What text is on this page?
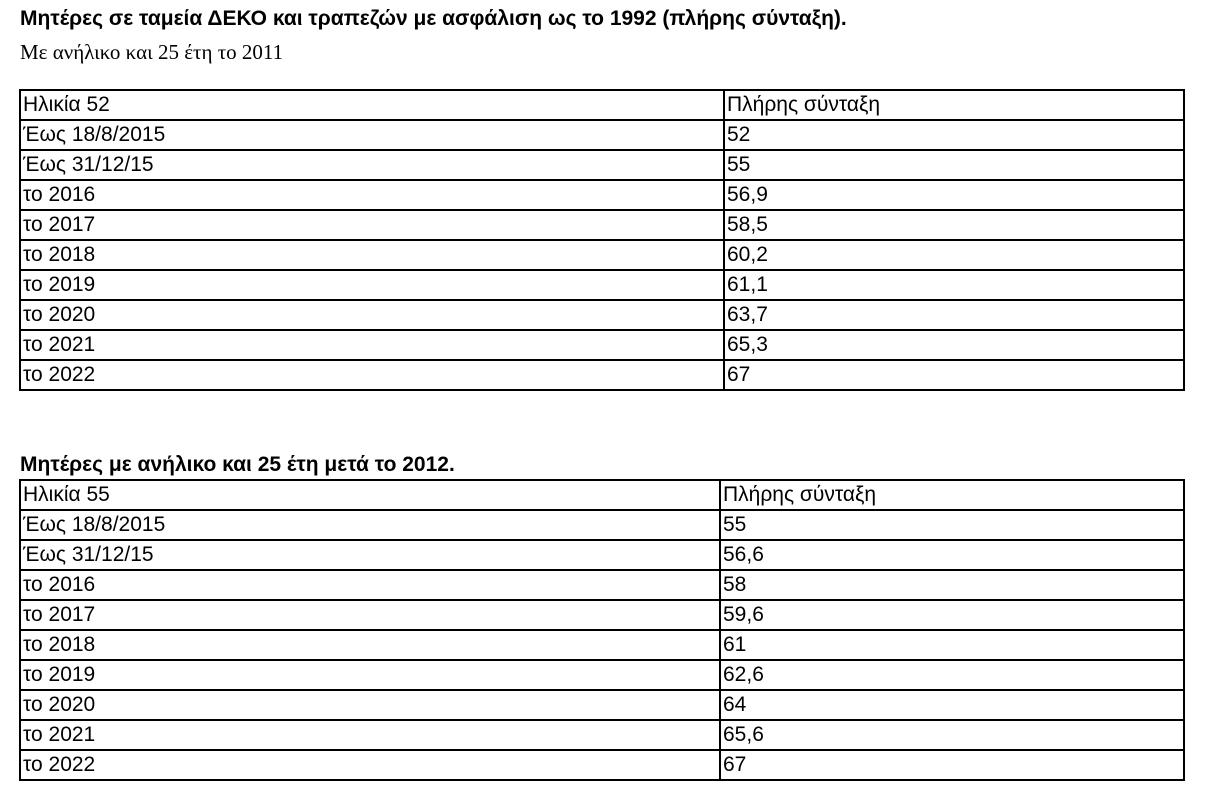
Μητέρες σε ταμεία ΔΕΚΟ και τραπεζών με ασφάλιση ως το 1992 (πλήρης σύνταξη).

Με ανήλικο και 25 έτη το 2011

Ηλικία 52	Πλήρης σύνταξη
Έως 18/8/2015	52
Έως 31/12/15	55
το 2016	56,9
το 2017	58,5
το 2018	60,2
το 2019	61,1
το 2020	63,7
το 2021	65,3
το 2022	67
Μητέρες με ανήλικο και 25 έτη μετά το 2012.
Ηλικία 55	Πλήρης σύνταξη
Έως 18/8/2015	55
Έως 31/12/15	56,6
το 2016	58
το 2017	59,6
το 2018	61
το 2019	62,6
το 2020	64
το 2021	65,6
το 2022	67
